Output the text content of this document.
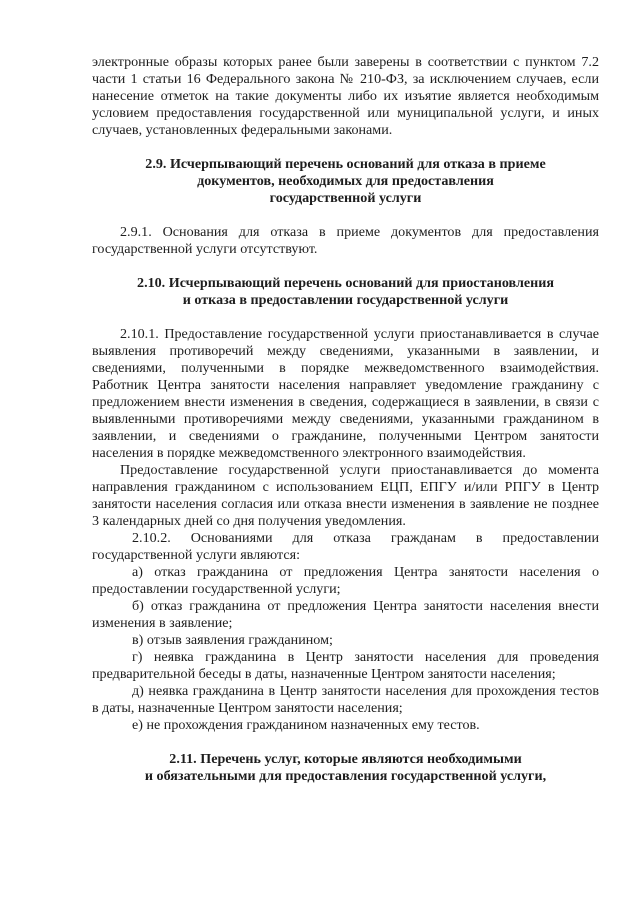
электронные образы которых ранее были заверены в соответствии с пунктом 7.2 части 1 статьи 16 Федерального закона № 210-ФЗ, за исключением случаев, если нанесение отметок на такие документы либо их изъятие является необходимым условием предоставления государственной или муниципальной услуги, и иных случаев, установленных федеральными законами.

2.9. Исчерпывающий перечень оснований для отказа в приеме
документов, необходимых для предоставления
государственной услуги

2.9.1. Основания для отказа в приеме документов для предоставления государственной услуги отсутствуют.

2.10. Исчерпывающий перечень оснований для приостановления
и отказа в предоставлении государственной услуги

2.10.1. Предоставление государственной услуги приостанавливается в случае выявления противоречий между сведениями, указанными в заявлении, и сведениями, полученными в порядке межведомственного взаимодействия. Работник Центра занятости населения направляет уведомление гражданину с предложением внести изменения в сведения, содержащиеся в заявлении, в связи с выявленными противоречиями между сведениями, указанными гражданином в заявлении, и сведениями о гражданине, полученными Центром занятости населения в порядке межведомственного электронного взаимодействия.

Предоставление государственной услуги приостанавливается до момента направления гражданином с использованием ЕЦП, ЕПГУ и/или РПГУ в Центр занятости населения согласия или отказа внести изменения в заявление не позднее 3 календарных дней со дня получения уведомления.

2.10.2. Основаниями для отказа гражданам в предоставлении государственной услуги являются:

а) отказ гражданина от предложения Центра занятости населения о предоставлении государственной услуги;

б) отказ гражданина от предложения Центра занятости населения внести изменения в заявление;

в) отзыв заявления гражданином;

г) неявка гражданина в Центр занятости населения для проведения предварительной беседы в даты, назначенные Центром занятости населения;

д) неявка гражданина в Центр занятости населения для прохождения тестов в даты, назначенные Центром занятости населения;

е) не прохождения гражданином назначенных ему тестов.

2.11. Перечень услуг, которые являются необходимыми
и обязательными для предоставления государственной услуги,
